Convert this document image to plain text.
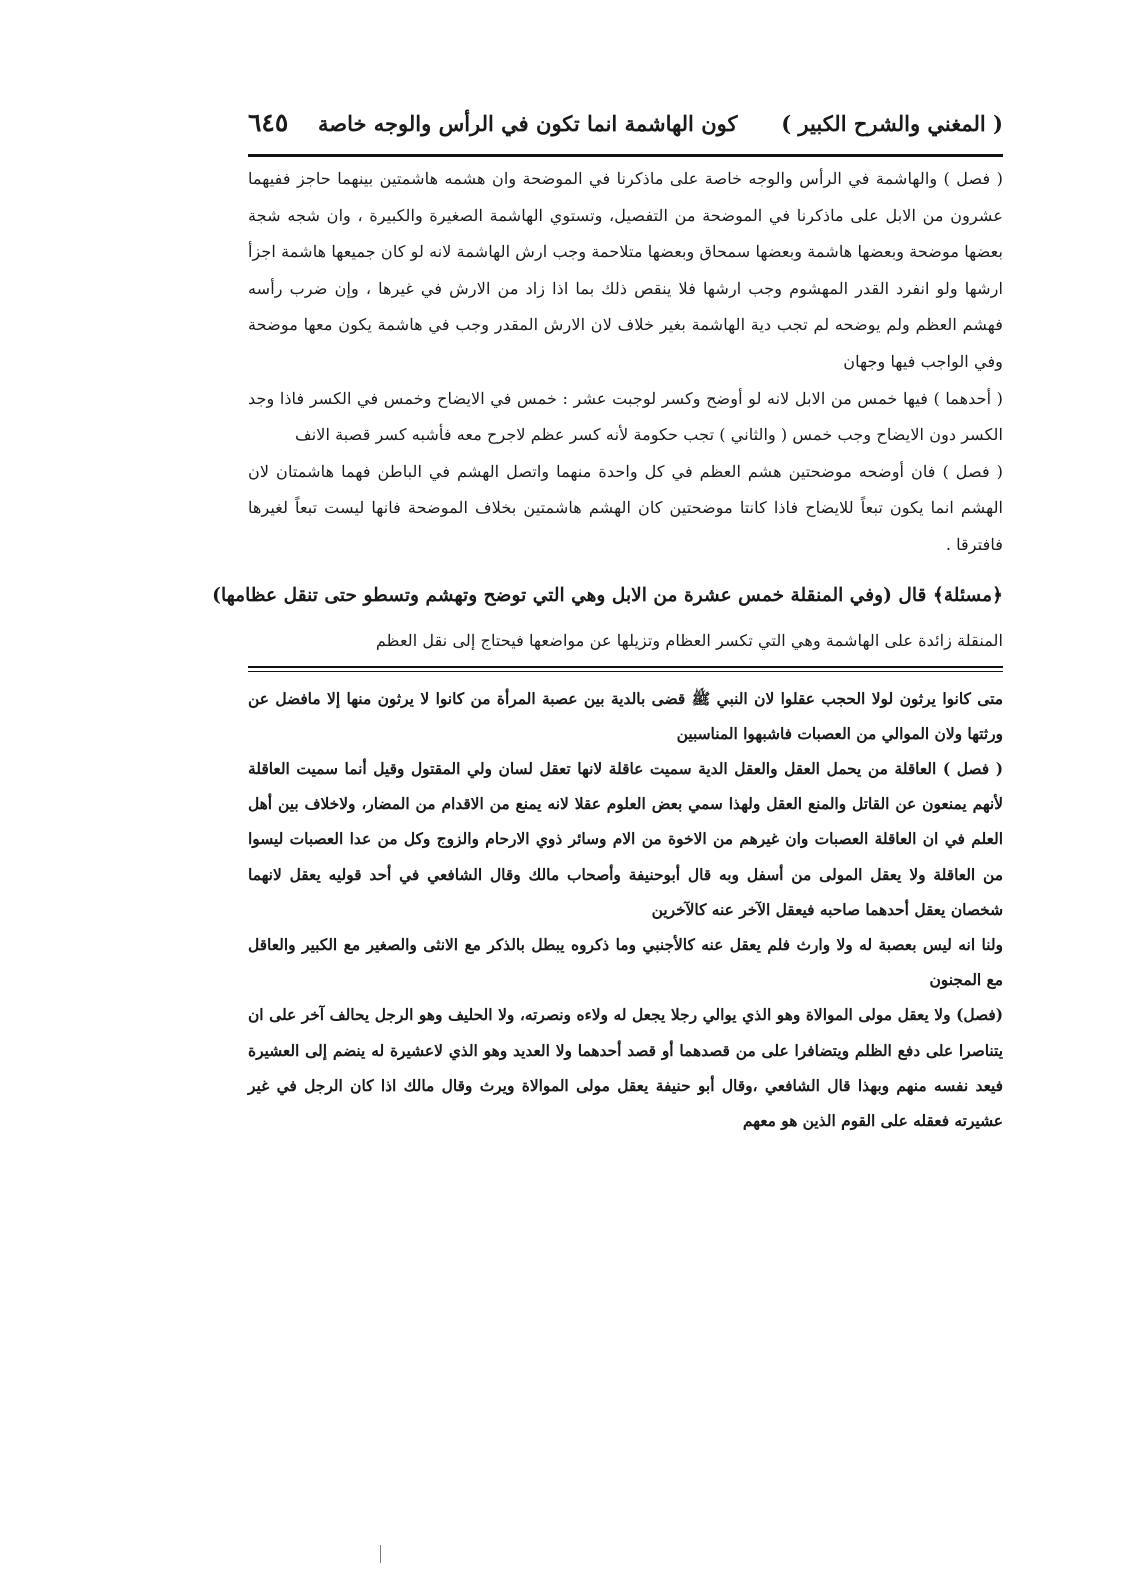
( المغني والشرح الكبير )
كون الهاشمة انما تكون في الرأس والوجه خاصة
٦٤٥

( فصل ) والهاشمة في الرأس والوجه خاصة على ماذكرنا في الموضحة وان هشمه هاشمتين بينهما حاجز ففيهما عشرون من الابل على ماذكرنا في الموضحة من التفصيل، وتستوي الهاشمة الصغيرة والكبيرة ، وان شجه شجة بعضها موضحة وبعضها هاشمة وبعضها سمحاق وبعضها متلاحمة وجب ارش الهاشمة لانه لو كان جميعها هاشمة اجزأ ارشها ولو انفرد القدر المهشوم وجب ارشها فلا ينقص ذلك بما اذا زاد من الارش في غيرها ، وإن ضرب رأسه فهشم العظم ولم يوضحه لم تجب دية الهاشمة بغير خلاف لان الارش المقدر وجب في هاشمة يكون معها موضحة وفي الواجب فيها وجهان

( أحدهما ) فيها خمس من الابل لانه لو أوضح وكسر لوجبت عشر : خمس في الايضاح وخمس في الكسر فاذا وجد الكسر دون الايضاح وجب خمس ( والثاني ) تجب حكومة لأنه كسر عظم لاجرح معه فأشبه كسر قصبة الانف

( فصل ) فان أوضحه موضحتين هشم العظم في كل واحدة منهما واتصل الهشم في الباطن فهما هاشمتان لان الهشم انما يكون تبعاً للايضاح فاذا كانتا موضحتين كان الهشم هاشمتين بخلاف الموضحة فانها ليست تبعاً لغيرها فافترقا .

﴿مسئلة﴾ قال (وفي المنقلة خمس عشرة من الابل وهي التي توضح وتهشم وتسطو حتى تنقل عظامها)
المنقلة زائدة على الهاشمة وهي التي تكسر العظام وتزيلها عن مواضعها فيحتاج إلى نقل العظم

متى كانوا يرثون لولا الحجب عقلوا لان النبي ﷺ قضى بالدية بين عصبة المرأة من كانوا لا يرثون منها إلا مافضل عن ورثتها ولان الموالي من العصبات فاشبهوا المناسبين

( فصل ) العاقلة من يحمل العقل والعقل الدية سميت عاقلة لانها تعقل لسان ولي المقتول وقيل أنما سميت العاقلة لأنهم يمنعون عن القاتل والمنع العقل ولهذا سمي بعض العلوم عقلا لانه يمنع من الاقدام من المضار، ولاخلاف بين أهل العلم في ان العاقلة العصبات وان غيرهم من الاخوة من الام وسائر ذوي الارحام والزوج وكل من عدا العصبات ليسوا من العاقلة ولا يعقل المولى من أسفل وبه قال أبوحنيفة وأصحاب مالك وقال الشافعي في أحد قوليه يعقل لانهما شخصان يعقل أحدهما صاحبه فيعقل الآخر عنه كالآخرين

ولنا انه ليس بعصبة له ولا وارث فلم يعقل عنه كالأجنبي وما ذكروه يبطل بالذكر مع الانثى والصغير مع الكبير والعاقل مع المجنون

(فصل) ولا يعقل مولى الموالاة وهو الذي يوالي رجلا يجعل له ولاءه ونصرته، ولا الحليف وهو الرجل يحالف آخر على ان يتناصرا على دفع الظلم ويتضافرا على من قصدهما أو قصد أحدهما ولا العديد وهو الذي لاعشيرة له ينضم إلى العشيرة فيعد نفسه منهم وبهذا قال الشافعي ،وقال أبو حنيفة يعقل مولى الموالاة ويرث وقال مالك اذا كان الرجل في غير عشيرته فعقله على القوم الذين هو معهم
